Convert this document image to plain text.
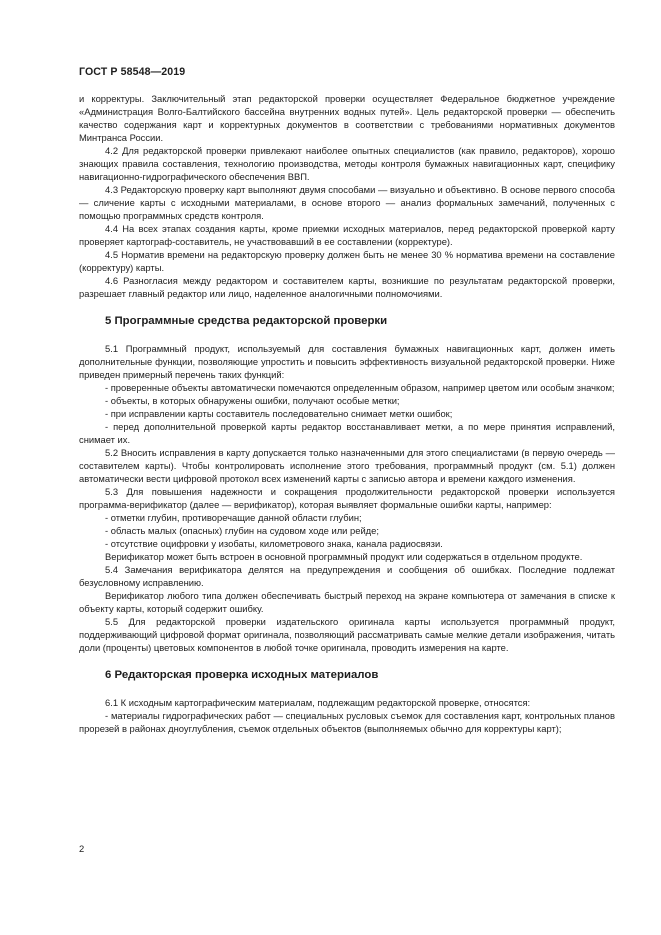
ГОСТ Р 58548—2019

и корректуры. Заключительный этап редакторской проверки осуществляет Федеральное бюджетное учреждение «Администрация Волго-Балтийского бассейна внутренних водных путей». Цель редакторской проверки — обеспечить качество содержания карт и корректурных документов в соответствии с требованиями нормативных документов Минтранса России.

4.2 Для редакторской проверки привлекают наиболее опытных специалистов (как правило, редакторов), хорошо знающих правила составления, технологию производства, методы контроля бумажных навигационных карт, специфику навигационно-гидрографического обеспечения ВВП.

4.3 Редакторскую проверку карт выполняют двумя способами — визуально и объективно. В основе первого способа — сличение карты с исходными материалами, в основе второго — анализ формальных замечаний, полученных с помощью программных средств контроля.

4.4 На всех этапах создания карты, кроме приемки исходных материалов, перед редакторской проверкой карту проверяет картограф-составитель, не участвовавший в ее составлении (корректуре).

4.5 Норматив времени на редакторскую проверку должен быть не менее 30 % норматива времени на составление (корректуру) карты.

4.6 Разногласия между редактором и составителем карты, возникшие по результатам редакторской проверки, разрешает главный редактор или лицо, наделенное аналогичными полномочиями.

5 Программные средства редакторской проверки

5.1 Программный продукт, используемый для составления бумажных навигационных карт, должен иметь дополнительные функции, позволяющие упростить и повысить эффективность визуальной редакторской проверки. Ниже приведен примерный перечень таких функций:

- проверенные объекты автоматически помечаются определенным образом, например цветом или особым значком;

- объекты, в которых обнаружены ошибки, получают особые метки;

- при исправлении карты составитель последовательно снимает метки ошибок;

- перед дополнительной проверкой карты редактор восстанавливает метки, а по мере принятия исправлений, снимает их.

5.2 Вносить исправления в карту допускается только назначенными для этого специалистами (в первую очередь — составителем карты). Чтобы контролировать исполнение этого требования, программный продукт (см. 5.1) должен автоматически вести цифровой протокол всех изменений карты с записью автора и времени каждого изменения.

5.3 Для повышения надежности и сокращения продолжительности редакторской проверки используется программа-верификатор (далее — верификатор), которая выявляет формальные ошибки карты, например:

- отметки глубин, противоречащие данной области глубин;

- область малых (опасных) глубин на судовом ходе или рейде;

- отсутствие оцифровки у изобаты, километрового знака, канала радиосвязи.

Верификатор может быть встроен в основной программный продукт или содержаться в отдельном продукте.

5.4 Замечания верификатора делятся на предупреждения и сообщения об ошибках. Последние подлежат безусловному исправлению.

Верификатор любого типа должен обеспечивать быстрый переход на экране компьютера от замечания в списке к объекту карты, который содержит ошибку.

5.5 Для редакторской проверки издательского оригинала карты используется программный продукт, поддерживающий цифровой формат оригинала, позволяющий рассматривать самые мелкие детали изображения, читать доли (проценты) цветовых компонентов в любой точке оригинала, проводить измерения на карте.

6 Редакторская проверка исходных материалов

6.1 К исходным картографическим материалам, подлежащим редакторской проверке, относятся:

- материалы гидрографических работ — специальных русловых съемок для составления карт, контрольных планов прорезей в районах дноуглубления, съемок отдельных объектов (выполняемых обычно для корректуры карт);

2
